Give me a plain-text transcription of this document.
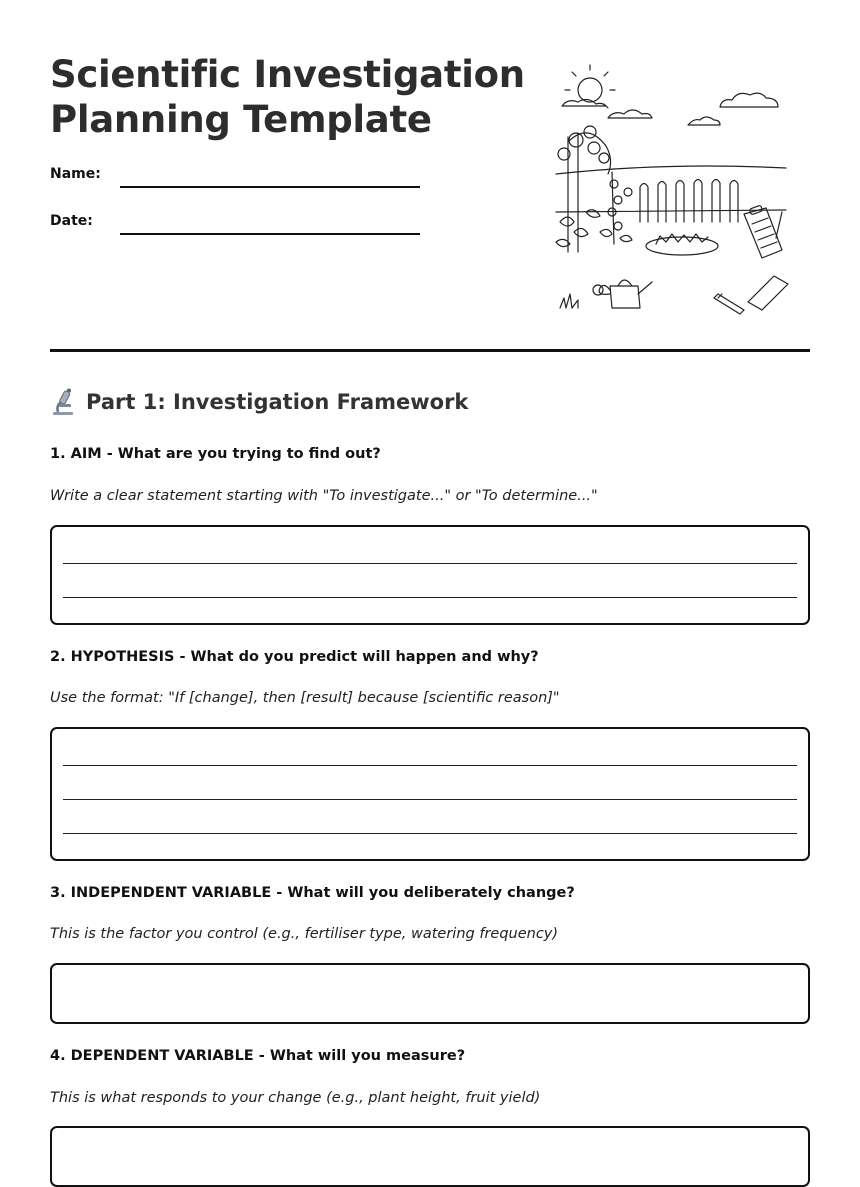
Scientific Investigation
Planning Template
Name:
Date:
Part 1: Investigation Framework

1. AIM - What are you trying to find out?

Write a clear statement starting with "To investigate..." or "To determine..."

2. HYPOTHESIS - What do you predict will happen and why?

Use the format: "If [change], then [result] because [scientific reason]"

3. INDEPENDENT VARIABLE - What will you deliberately change?

This is the factor you control (e.g., fertiliser type, watering frequency)

4. DEPENDENT VARIABLE - What will you measure?

This is what responds to your change (e.g., plant height, fruit yield)
